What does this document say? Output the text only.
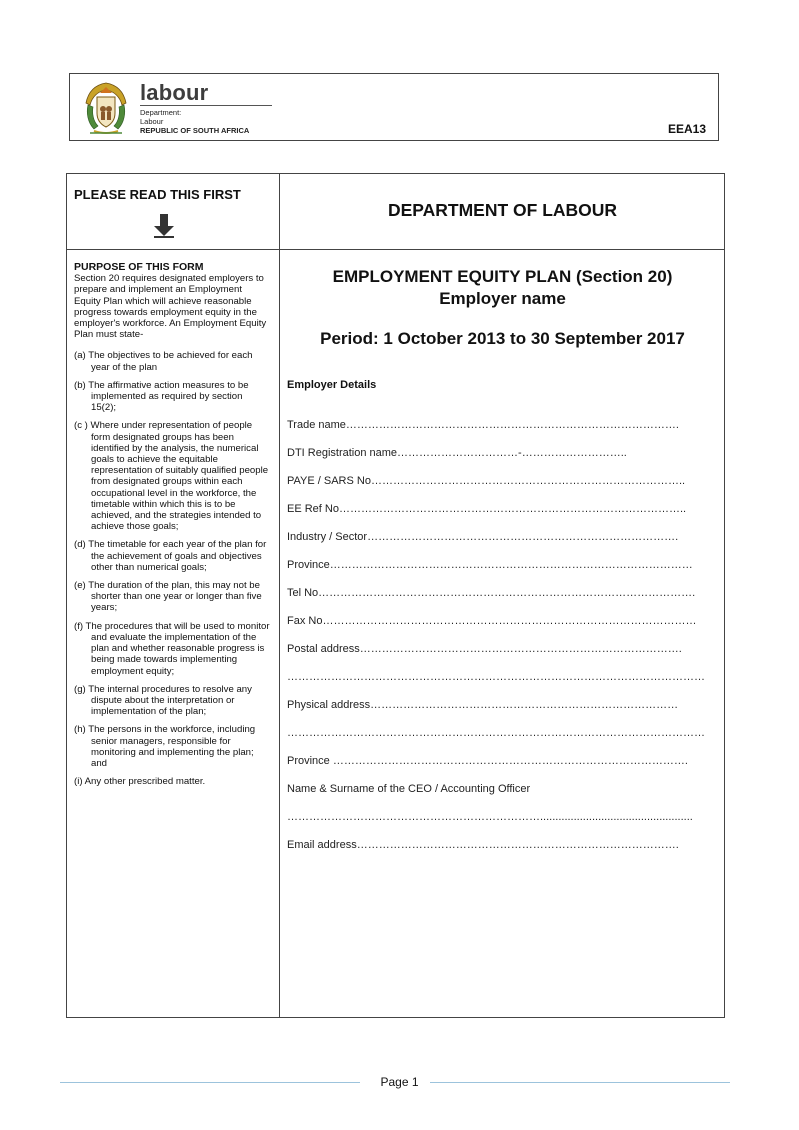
labour
Department:
Labour
REPUBLIC OF SOUTH AFRICA	EEA13
PLEASE READ THIS FIRST
DEPARTMENT OF LABOUR
PURPOSE OF THIS FORM
Section 20 requires designated employers to prepare and implement an Employment Equity Plan which will achieve reasonable progress towards employment equity in the employer's workforce. An Employment Equity Plan must state-
(a) The objectives to be achieved for each year of the plan
(b) The affirmative action measures to be implemented as required by section 15(2);
(c ) Where under representation of people form designated groups has been identified by the analysis, the numerical goals to achieve the equitable representation of suitably qualified people from designated groups within each occupational level in the workforce, the timetable within which this is to be achieved, and the strategies intended to achieve those goals;
(d) The timetable for each year of the plan for the achievement of goals and objectives other than numerical goals;
(e) The duration of the plan, this may not be shorter than one year or longer than five years;
(f) The procedures that will be used to monitor and evaluate the implementation of the plan and whether reasonable progress is being made towards implementing employment equity;
(g) The internal procedures to resolve any dispute about the interpretation or implementation of the plan;
(h) The persons in the workforce, including senior managers, responsible for monitoring and implementing the plan; and
(i) Any other prescribed matter.
EMPLOYMENT EQUITY PLAN (Section 20)
Employer name
Period: 1 October 2013 to 30 September 2017
Employer Details
Trade name……………………………………………………………………………….
DTI Registration name……………………………-………………………..
PAYE / SARS No…………………………………………………………………………..
EE Ref No…………………………………………………………………………………..
Industry / Sector………………………………………………………………………….
Province………………………………………………………………………………………
Tel No………………………………………………………………………………………….
Fax No…………………………………………………………………………………………
Postal address…………………………………………………………………………….
……………………………………………………………………………………………………
Physical address…………………………………………………………………………
……………………………………………………………………………………………………
Province …………………………………………………………………………………….
Name & Surname of the CEO / Accounting Officer
……………………………………………………………..................................................
Email address…………………………………………………………………………….
Page 1
